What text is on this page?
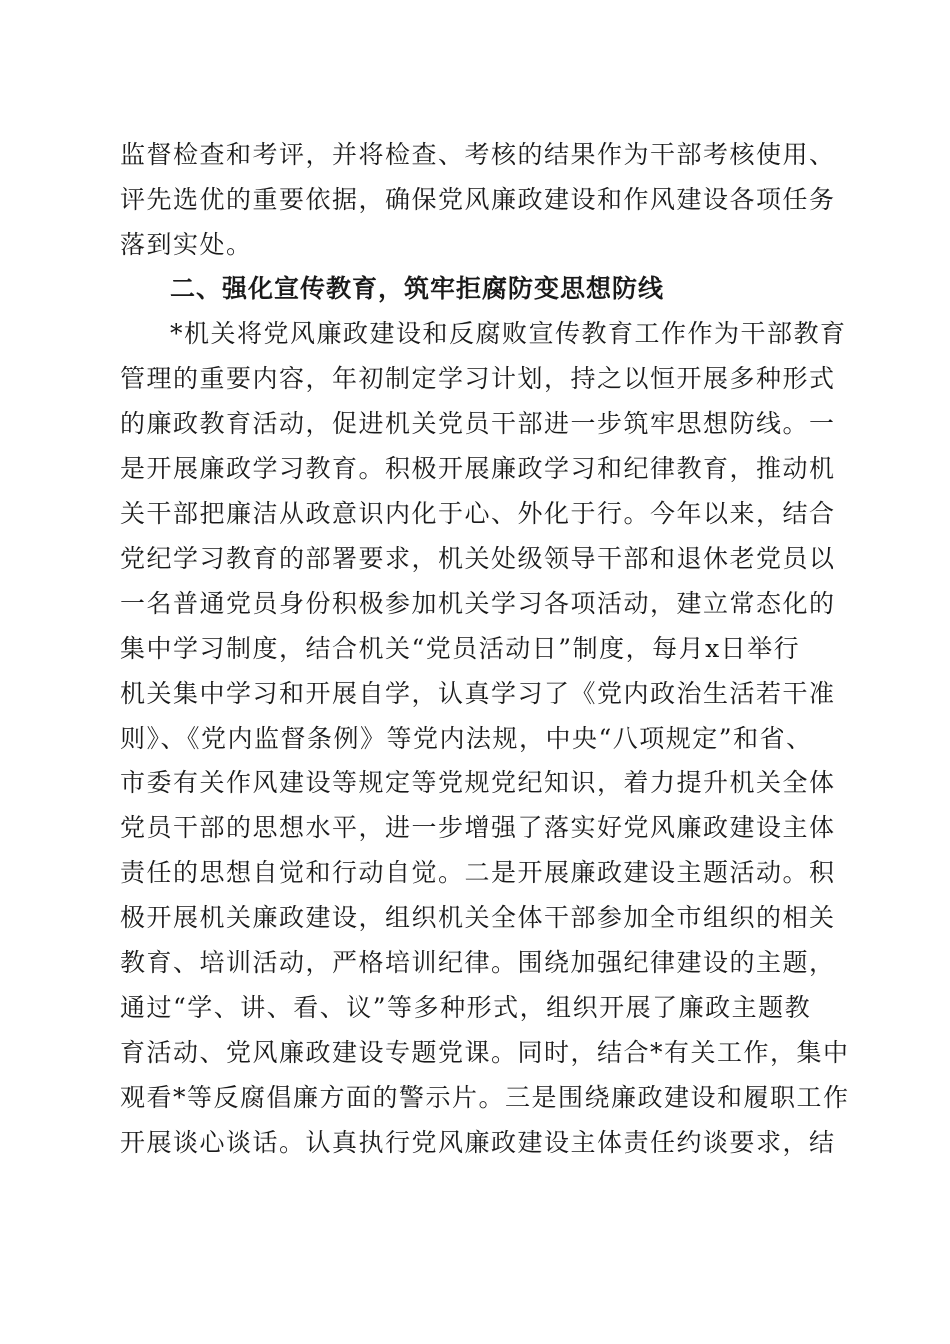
监督检查和考评，并将检查、考核的结果作为干部考核使用、
评先选优的重要依据，确保党风廉政建设和作风建设各项任务
落到实处。
二、强化宣传教育，筑牢拒腐防变思想防线
*机关将党风廉政建设和反腐败宣传教育工作作为干部教育
管理的重要内容，年初制定学习计划，持之以恒开展多种形式
的廉政教育活动，促进机关党员干部进一步筑牢思想防线。一
是开展廉政学习教育。积极开展廉政学习和纪律教育，推动机
关干部把廉洁从政意识内化于心、外化于行。今年以来，结合
党纪学习教育的部署要求，机关处级领导干部和退休老党员以
一名普通党员身份积极参加机关学习各项活动，建立常态化的
集中学习制度，结合机关“党员活动日”制度，每月x日举行
机关集中学习和开展自学，认真学习了《党内政治生活若干准
则》、《党内监督条例》等党内法规，中央“八项规定”和省、
市委有关作风建设等规定等党规党纪知识，着力提升机关全体
党员干部的思想水平，进一步增强了落实好党风廉政建设主体
责任的思想自觉和行动自觉。二是开展廉政建设主题活动。积
极开展机关廉政建设，组织机关全体干部参加全市组织的相关
教育、培训活动，严格培训纪律。围绕加强纪律建设的主题，
通过“学、讲、看、议”等多种形式，组织开展了廉政主题教
育活动、党风廉政建设专题党课。同时，结合*有关工作，集中
观看*等反腐倡廉方面的警示片。三是围绕廉政建设和履职工作
开展谈心谈话。认真执行党风廉政建设主体责任约谈要求，结
